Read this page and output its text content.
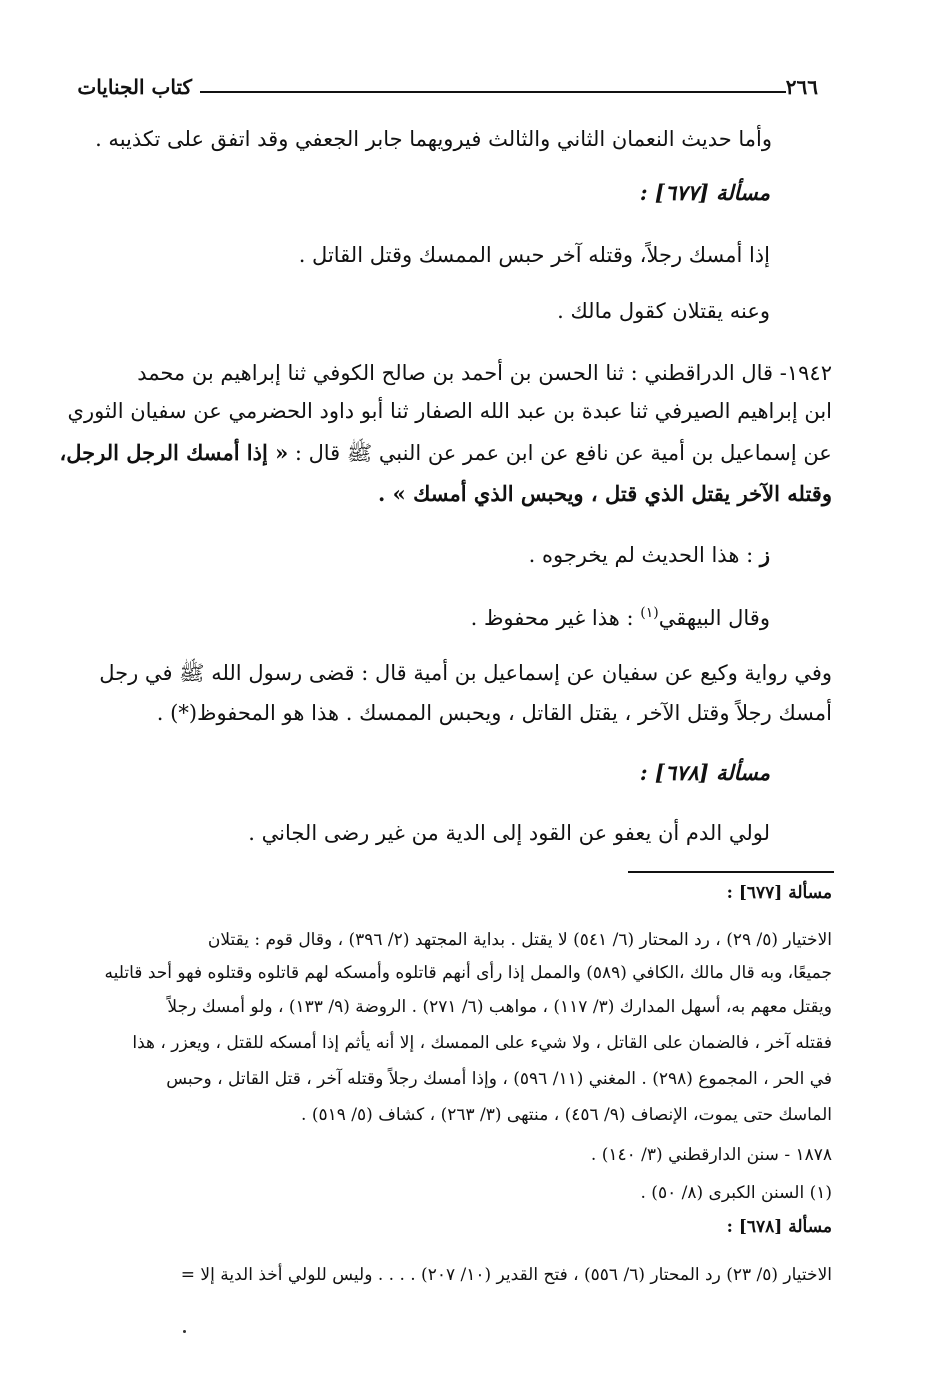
٢٦٦
كتاب الجنايات
وأما حديث النعمان الثاني والثالث فيرويهما جابر الجعفي وقد اتفق على تكذيبه .
مسألة [٦٧٧] :
إذا أمسك رجلاً، وقتله آخر حبس الممسك وقتل القاتل .
وعنه يقتلان كقول مالك .
١٩٤٢- قال الدراقطني : ثنا الحسن بن أحمد بن صالح الكوفي ثنا إبراهيم بن محمد
ابن إبراهيم الصيرفي ثنا عبدة بن عبد الله الصفار ثنا أبو داود الحضرمي عن سفيان الثوري
عن إسماعيل بن أمية عن نافع عن ابن عمر عن النبي ﷺ قال : « إذا أمسك الرجل الرجل،
وقتله الآخر يقتل الذي قتل ، ويحبس الذي أمسك » .
ز : هذا الحديث لم يخرجوه .
وقال البيهقي$^{(١)}$ : هذا غير محفوظ .
وفي رواية وكيع عن سفيان عن إسماعيل بن أمية قال : قضى رسول الله ﷺ في رجل
أمسك رجلاً وقتل الآخر ، يقتل القاتل ، ويحبس الممسك . هذا هو المحفوظ(*) .
مسألة [٦٧٨] :
لولي الدم أن يعفو عن القود إلى الدية من غير رضى الجاني .
مسألة [٦٧٧] :
الاختيار (٥/ ٢٩) ، رد المحتار (٦/ ٥٤١) لا يقتل . بداية المجتهد (٢/ ٣٩٦) ، وقال قوم : يقتلان
جميعًا، وبه قال مالك ،الكافي (٥٨٩) والممل إذا رأى أنهم قاتلوه وأمسكه لهم قاتلوه وقتلوه فهو أحد قاتليه
ويقتل معهم به، أسهل المدارك (٣/ ١١٧) ، مواهب (٦/ ٢٧١) . الروضة (٩/ ١٣٣) ، ولو أمسك رجلاً
فقتله آخر ، فالضمان على القاتل ، ولا شيء على الممسك ، إلا أنه يأثم إذا أمسكه للقتل ، ويعزر ، هذا
في الحر ، المجموع (٢٩٨) . المغني (١١/ ٥٩٦) ، وإذا أمسك رجلاً وقتله آخر ، قتل القاتل ، وحبس
الماسك حتى يموت، الإنصاف (٩/ ٤٥٦) ، منتهى (٣/ ٢٦٣) ، كشاف (٥/ ٥١٩) .
١٨٧٨ - سنن الدارقطني (٣/ ١٤٠) .
(١) السنن الكبرى (٨/ ٥٠) .
مسألة [٦٧٨] :
الاختيار (٥/ ٢٣) رد المحتار (٦/ ٥٥٦) ، فتح القدير (١٠/ ٢٠٧) . . . . وليس للولي أخذ الدية إلا =
